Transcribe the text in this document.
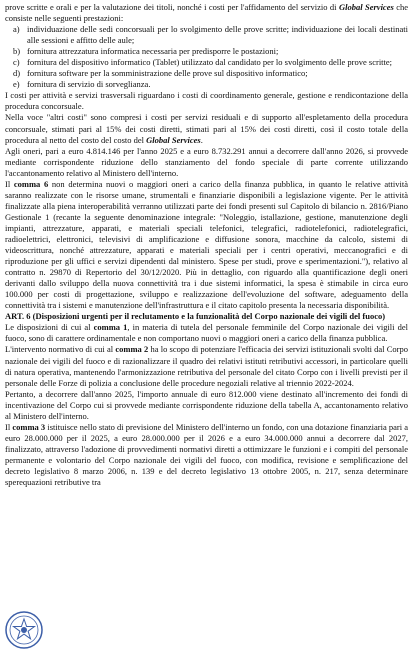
prove scritte e orali e per la valutazione dei titoli, nonché i costi per l'affidamento del servizio di Global Services che consiste nelle seguenti prestazioni:

a) individuazione delle sedi concorsuali per lo svolgimento delle prove scritte; individuazione dei locali destinati alle sessioni e affitto delle aule;
b) fornitura attrezzatura informatica necessaria per predisporre le postazioni;
c) fornitura del dispositivo informatico (Tablet) utilizzato dal candidato per lo svolgimento delle prove scritte;
d) fornitura software per la somministrazione delle prove sul dispositivo informatico;
e) fornitura di servizio di sorveglianza.

I costi per attività e servizi trasversali riguardano i costi di coordinamento generale, gestione e rendicontazione della procedura concorsuale.

Nella voce "altri costi" sono compresi i costi per servizi residuali e di supporto all'espletamento della procedura concorsuale, stimati pari al 15% dei costi diretti, stimati pari al 15% dei costi diretti, così il costo totale della procedura al netto del costo del costo del Global Services.

Agli oneri, pari a euro 4.814.146 per l'anno 2025 e a euro 8.732.291 annui a decorrere dall'anno 2026, si provvede mediante corrispondente riduzione dello stanziamento del fondo speciale di parte corrente utilizzando l'accantonamento relativo al Ministero dell'interno.

Il comma 6 non determina nuovi o maggiori oneri a carico della finanza pubblica, in quanto le relative attività saranno realizzate con le risorse umane, strumentali e finanziarie disponibili a legislazione vigente. Per le attività finalizzate alla piena interoperabilità verranno utilizzati parte dei fondi presenti sul Capitolo di bilancio n. 2816/Piano Gestionale 1 (recante la seguente denominazione integrale: "Noleggio, istallazione, gestione, manutenzione degli impianti, attrezzature, apparati, e materiali speciali telefonici, telegrafici, radiotelefonici, radiotelegrafici, radioelettrici, elettronici, televisivi di amplificazione e diffusione sonora, macchine da calcolo, sistemi di videoscrittura, nonché attrezzature, apparati e materiali speciali per i centri operativi, meccanografici e di riproduzione per gli uffici e servizi dipendenti dal ministero. Spese per studi, prove e sperimentazioni."), relativo al contratto n. 29870 di Repertorio del 30/12/2020. Più in dettaglio, con riguardo alla quantificazione degli oneri derivanti dallo sviluppo della nuova connettività tra i due sistemi informatici, la spesa è stimabile in circa euro 100.000 per costi di progettazione, sviluppo e realizzazione dell'evoluzione del software, adeguamento della connettività tra i sistemi e manutenzione dell'infrastruttura e il citato capitolo presenta la necessaria disponibilità.

ART. 6 (Disposizioni urgenti per il reclutamento e la funzionalità del Corpo nazionale dei vigili del fuoco)

Le disposizioni di cui al comma 1, in materia di tutela del personale femminile del Corpo nazionale dei vigili del fuoco, sono di carattere ordinamentale e non comportano nuovi o maggiori oneri a carico della finanza pubblica.

L'intervento normativo di cui al comma 2 ha lo scopo di potenziare l'efficacia dei servizi istituzionali svolti dal Corpo nazionale dei vigili del fuoco e di razionalizzare il quadro dei relativi istituti retributivi accessori, in particolare quelli di natura operativa, mantenendo l'armonizzazione retributiva del personale del citato Corpo con i livelli previsti per il personale delle Forze di polizia a conclusione delle procedure negoziali relative al triennio 2022-2024.

Pertanto, a decorrere dall'anno 2025, l'importo annuale di euro 812.000 viene destinato all'incremento dei fondi di incentivazione del Corpo cui si provvede mediante corrispondente riduzione della tabella A, accantonamento relativo al Ministero dell'interno.

Il comma 3 istituisce nello stato di previsione del Ministero dell'interno un fondo, con una dotazione finanziaria pari a euro 28.000.000 per il 2025, a euro 28.000.000 per il 2026 e a euro 34.000.000 annui a decorrere dal 2027, finalizzato, attraverso l'adozione di provvedimenti normativi diretti a ottimizzare le funzioni e i compiti del personale permanente e volontario del Corpo nazionale dei vigili del fuoco, con modifica, revisione e semplificazione del decreto legislativo 8 marzo 2006, n. 139 e del decreto legislativo 13 ottobre 2005, n. 217, senza determinare sperequazioni retributive tra
